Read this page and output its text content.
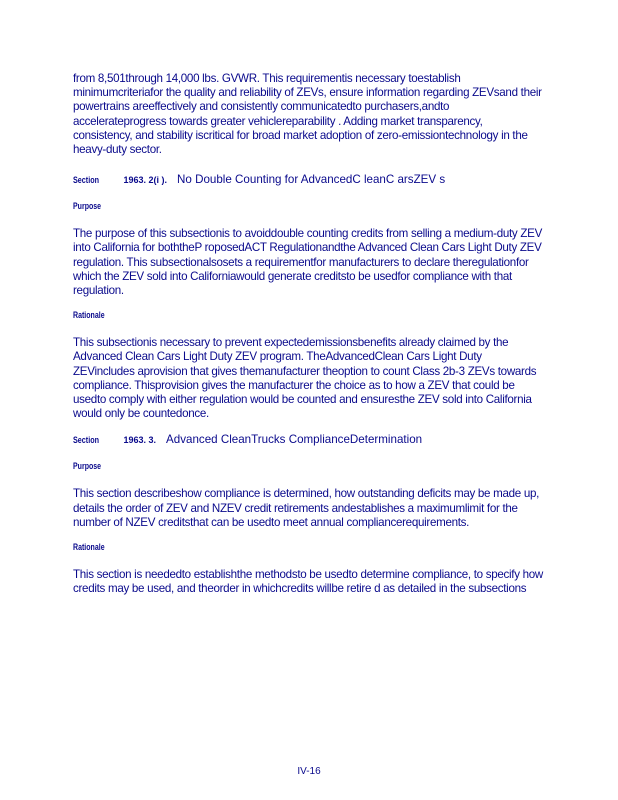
from 8,501through 14,000 lbs. GVWR. This requirementis necessary toestablish minimumcriteriafor the quality and reliability of ZEVs, ensure information regarding ZEVsand their powertrains areeffectively and consistently communicatedto purchasers,andto accelerateprogress towards greater vehiclereparability . Adding market transparency, consistency, and stability iscritical for broad market adoption of zero-emissiontechnology in the heavy-duty sector.

Section	1963. 2(i ). No Double Counting for AdvancedC leanC arsZEV s
Purpose

The purpose of this subsectionis to avoiddouble counting credits from selling a medium-duty ZEV into California for boththeP roposedACT Regulationandthe Advanced Clean Cars Light Duty ZEV regulation. This subsectionalsosets a requirementfor manufacturers to declare theregulationfor which the ZEV sold into Californiawould generate creditsto be usedfor compliance with that regulation.

Rationale

This subsectionis necessary to prevent expectedemissionsbenefits already claimed by the Advanced Clean Cars Light Duty ZEV program. TheAdvancedClean Cars Light Duty ZEVincludes aprovision that gives themanufacturer theoption to count Class 2b-3 ZEVs towards compliance. Thisprovision gives the manufacturer the choice as to how a ZEV that could be usedto comply with either regulation would be counted and ensuresthe ZEV sold into California would only be countedonce.

Section	1963. 3. Advanced CleanTrucks ComplianceDetermination
Purpose

This section describeshow compliance is determined, how outstanding deficits may be made up, details the order of ZEV and NZEV credit retirements andestablishes a maximumlimit for the number of NZEV creditsthat can be usedto meet annual compliancerequirements.

Rationale

This section is neededto establishthe methodsto be usedto determine compliance, to specify how credits may be used, and theorder in whichcredits willbe retire d as detailed in the subsections

IV-16
